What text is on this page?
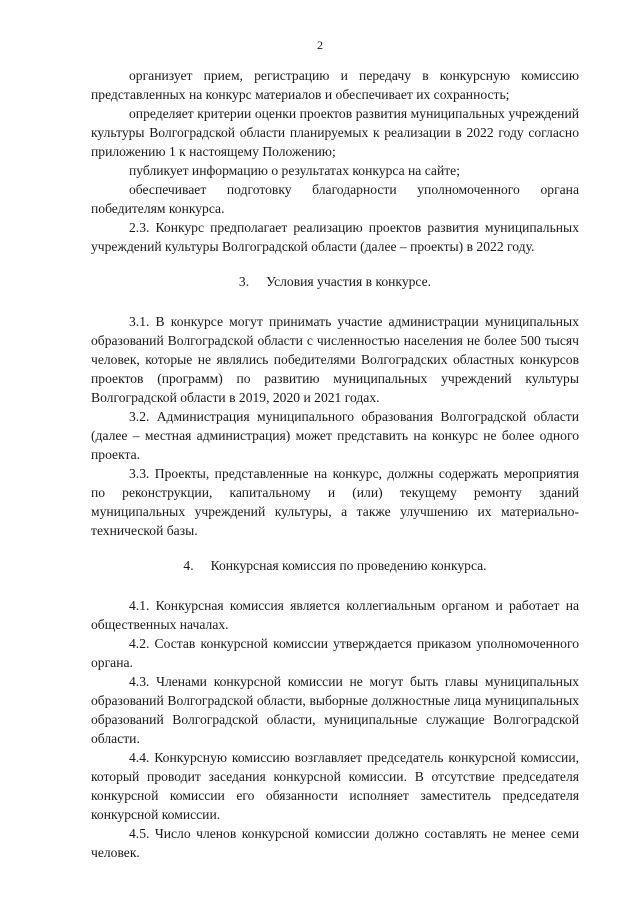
2

организует прием, регистрацию и передачу в конкурсную комиссию представленных на конкурс материалов и обеспечивает их сохранность;

определяет критерии оценки проектов развития муниципальных учреждений культуры Волгоградской области планируемых к реализации в 2022 году согласно приложению 1 к настоящему Положению;

публикует информацию о результатах конкурса на сайте;

обеспечивает подготовку благодарности уполномоченного органа победителям конкурса.

2.3. Конкурс предполагает реализацию проектов развития муниципальных учреждений культуры Волгоградской области (далее – проекты) в 2022 году.

3.     Условия участия в конкурсе.

3.1. В конкурсе могут принимать участие администрации муниципальных образований Волгоградской области с численностью населения не более 500 тысяч человек, которые не являлись победителями Волгоградских областных конкурсов проектов (программ) по развитию муниципальных учреждений культуры Волгоградской области в 2019, 2020 и 2021 годах.

3.2. Администрация муниципального образования Волгоградской области (далее – местная администрация) может представить на конкурс не более одного проекта.

3.3. Проекты, представленные на конкурс, должны содержать мероприятия по реконструкции, капитальному и (или) текущему ремонту зданий муниципальных учреждений культуры, а также улучшению их материально-технической базы.

4.     Конкурсная комиссия по проведению конкурса.

4.1. Конкурсная комиссия является коллегиальным органом и работает на общественных началах.

4.2. Состав конкурсной комиссии утверждается приказом уполномоченного органа.

4.3. Членами конкурсной комиссии не могут быть главы муниципальных образований Волгоградской области, выборные должностные лица муниципальных образований Волгоградской области, муниципальные служащие Волгоградской области.

4.4. Конкурсную комиссию возглавляет председатель конкурсной комиссии, который проводит заседания конкурсной комиссии. В отсутствие председателя конкурсной комиссии его обязанности исполняет заместитель председателя конкурсной комиссии.

4.5. Число членов конкурсной комиссии должно составлять не менее семи человек.
